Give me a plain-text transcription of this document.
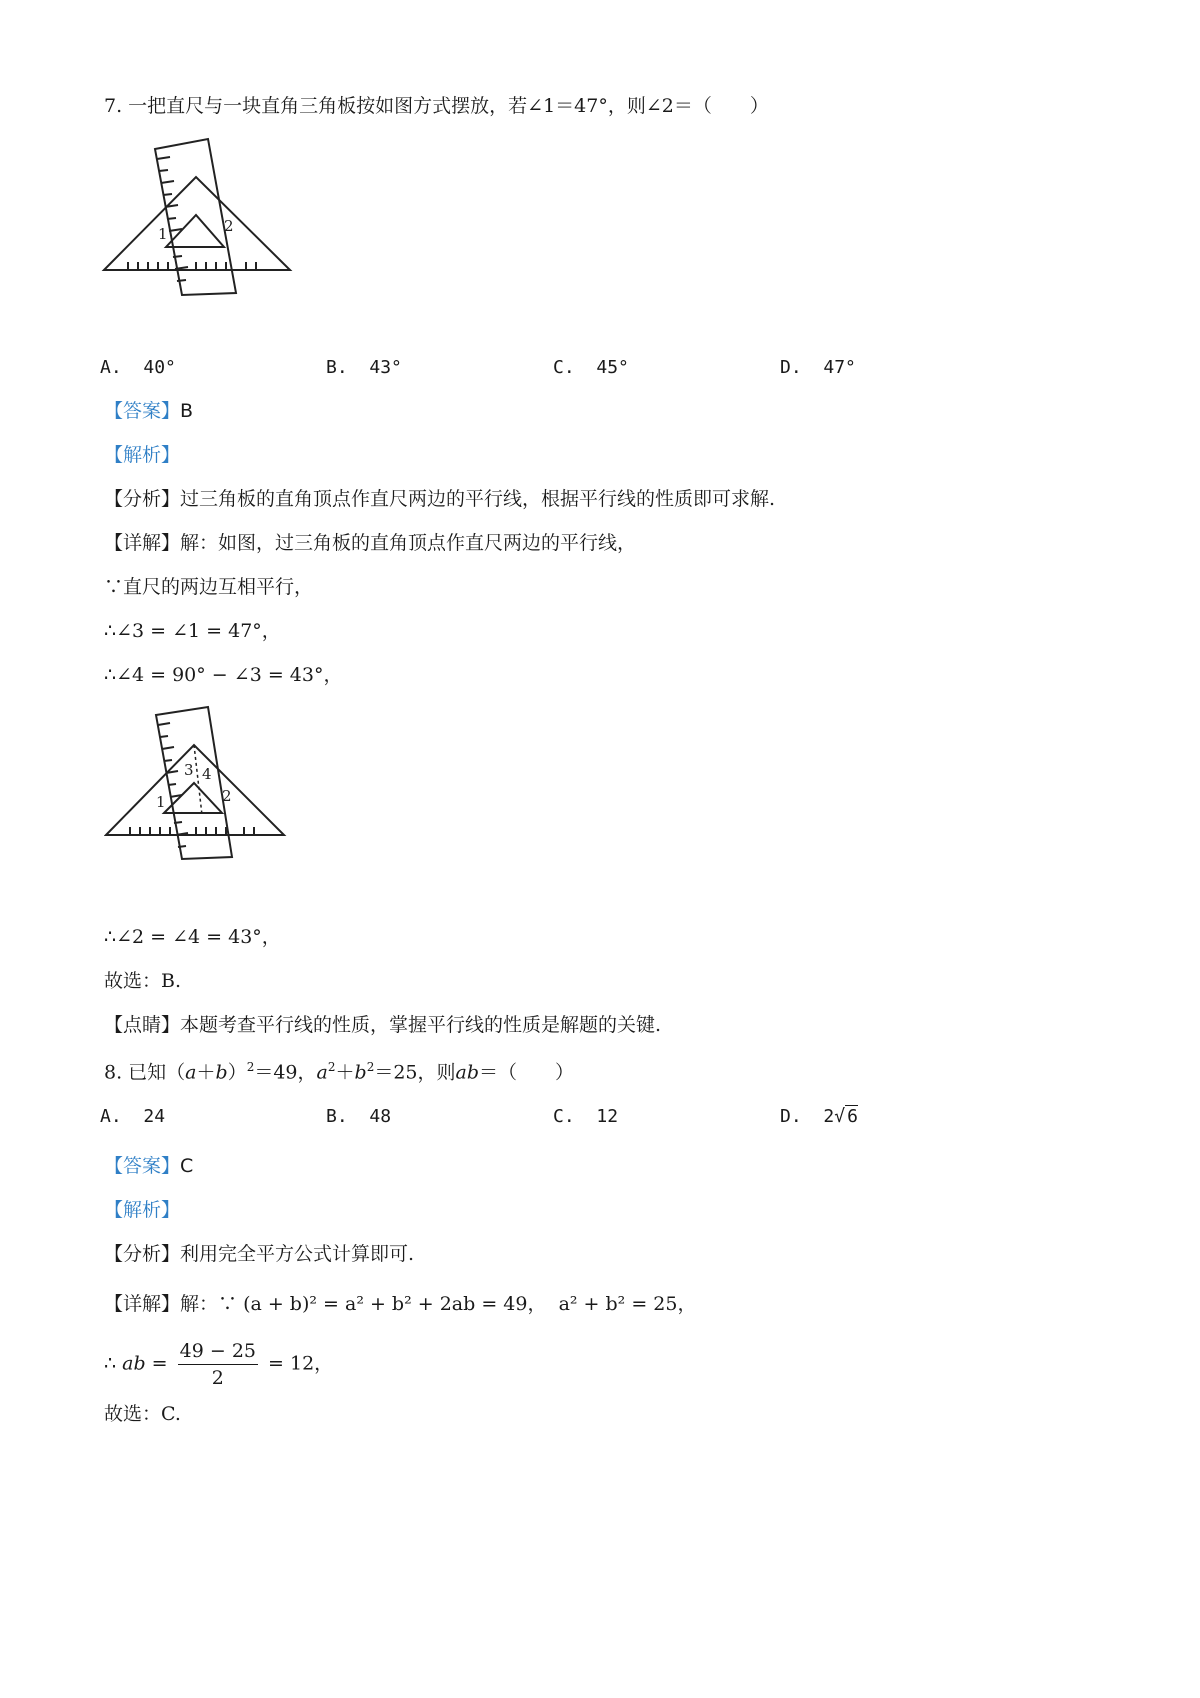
7. 一把直尺与一块直角三角板按如图方式摆放，若∠1＝47°，则∠2＝（　　）
1	2
A. 40°	B. 43°	C. 45°	D. 47°
【答案】B
【解析】
【分析】过三角板的直角顶点作直尺两边的平行线，根据平行线的性质即可求解.
【详解】解：如图，过三角板的直角顶点作直尺两边的平行线，
∵直尺的两边互相平行，
∴∠3 = ∠1 = 47°，
∴∠4 = 90° − ∠3 = 43°，
1	2
3 4
∴∠2 = ∠4 = 43°，
故选：B.
【点睛】本题考查平行线的性质，掌握平行线的性质是解题的关键.
8. 已知$(a+b)^2=49$，$a^2+b^2=25$，则ab＝（　　）
A. 24	B. 48	C. 12	D. 2√ 6
【答案】C
【解析】
【分析】利用完全平方公式计算即可.
【详解】解：∵ (a + b)² = a² + b² + 2ab = 49， a² + b² = 25，
∴ ab = $\frac{49 - 25}{2} = 12$，
故选：C.
